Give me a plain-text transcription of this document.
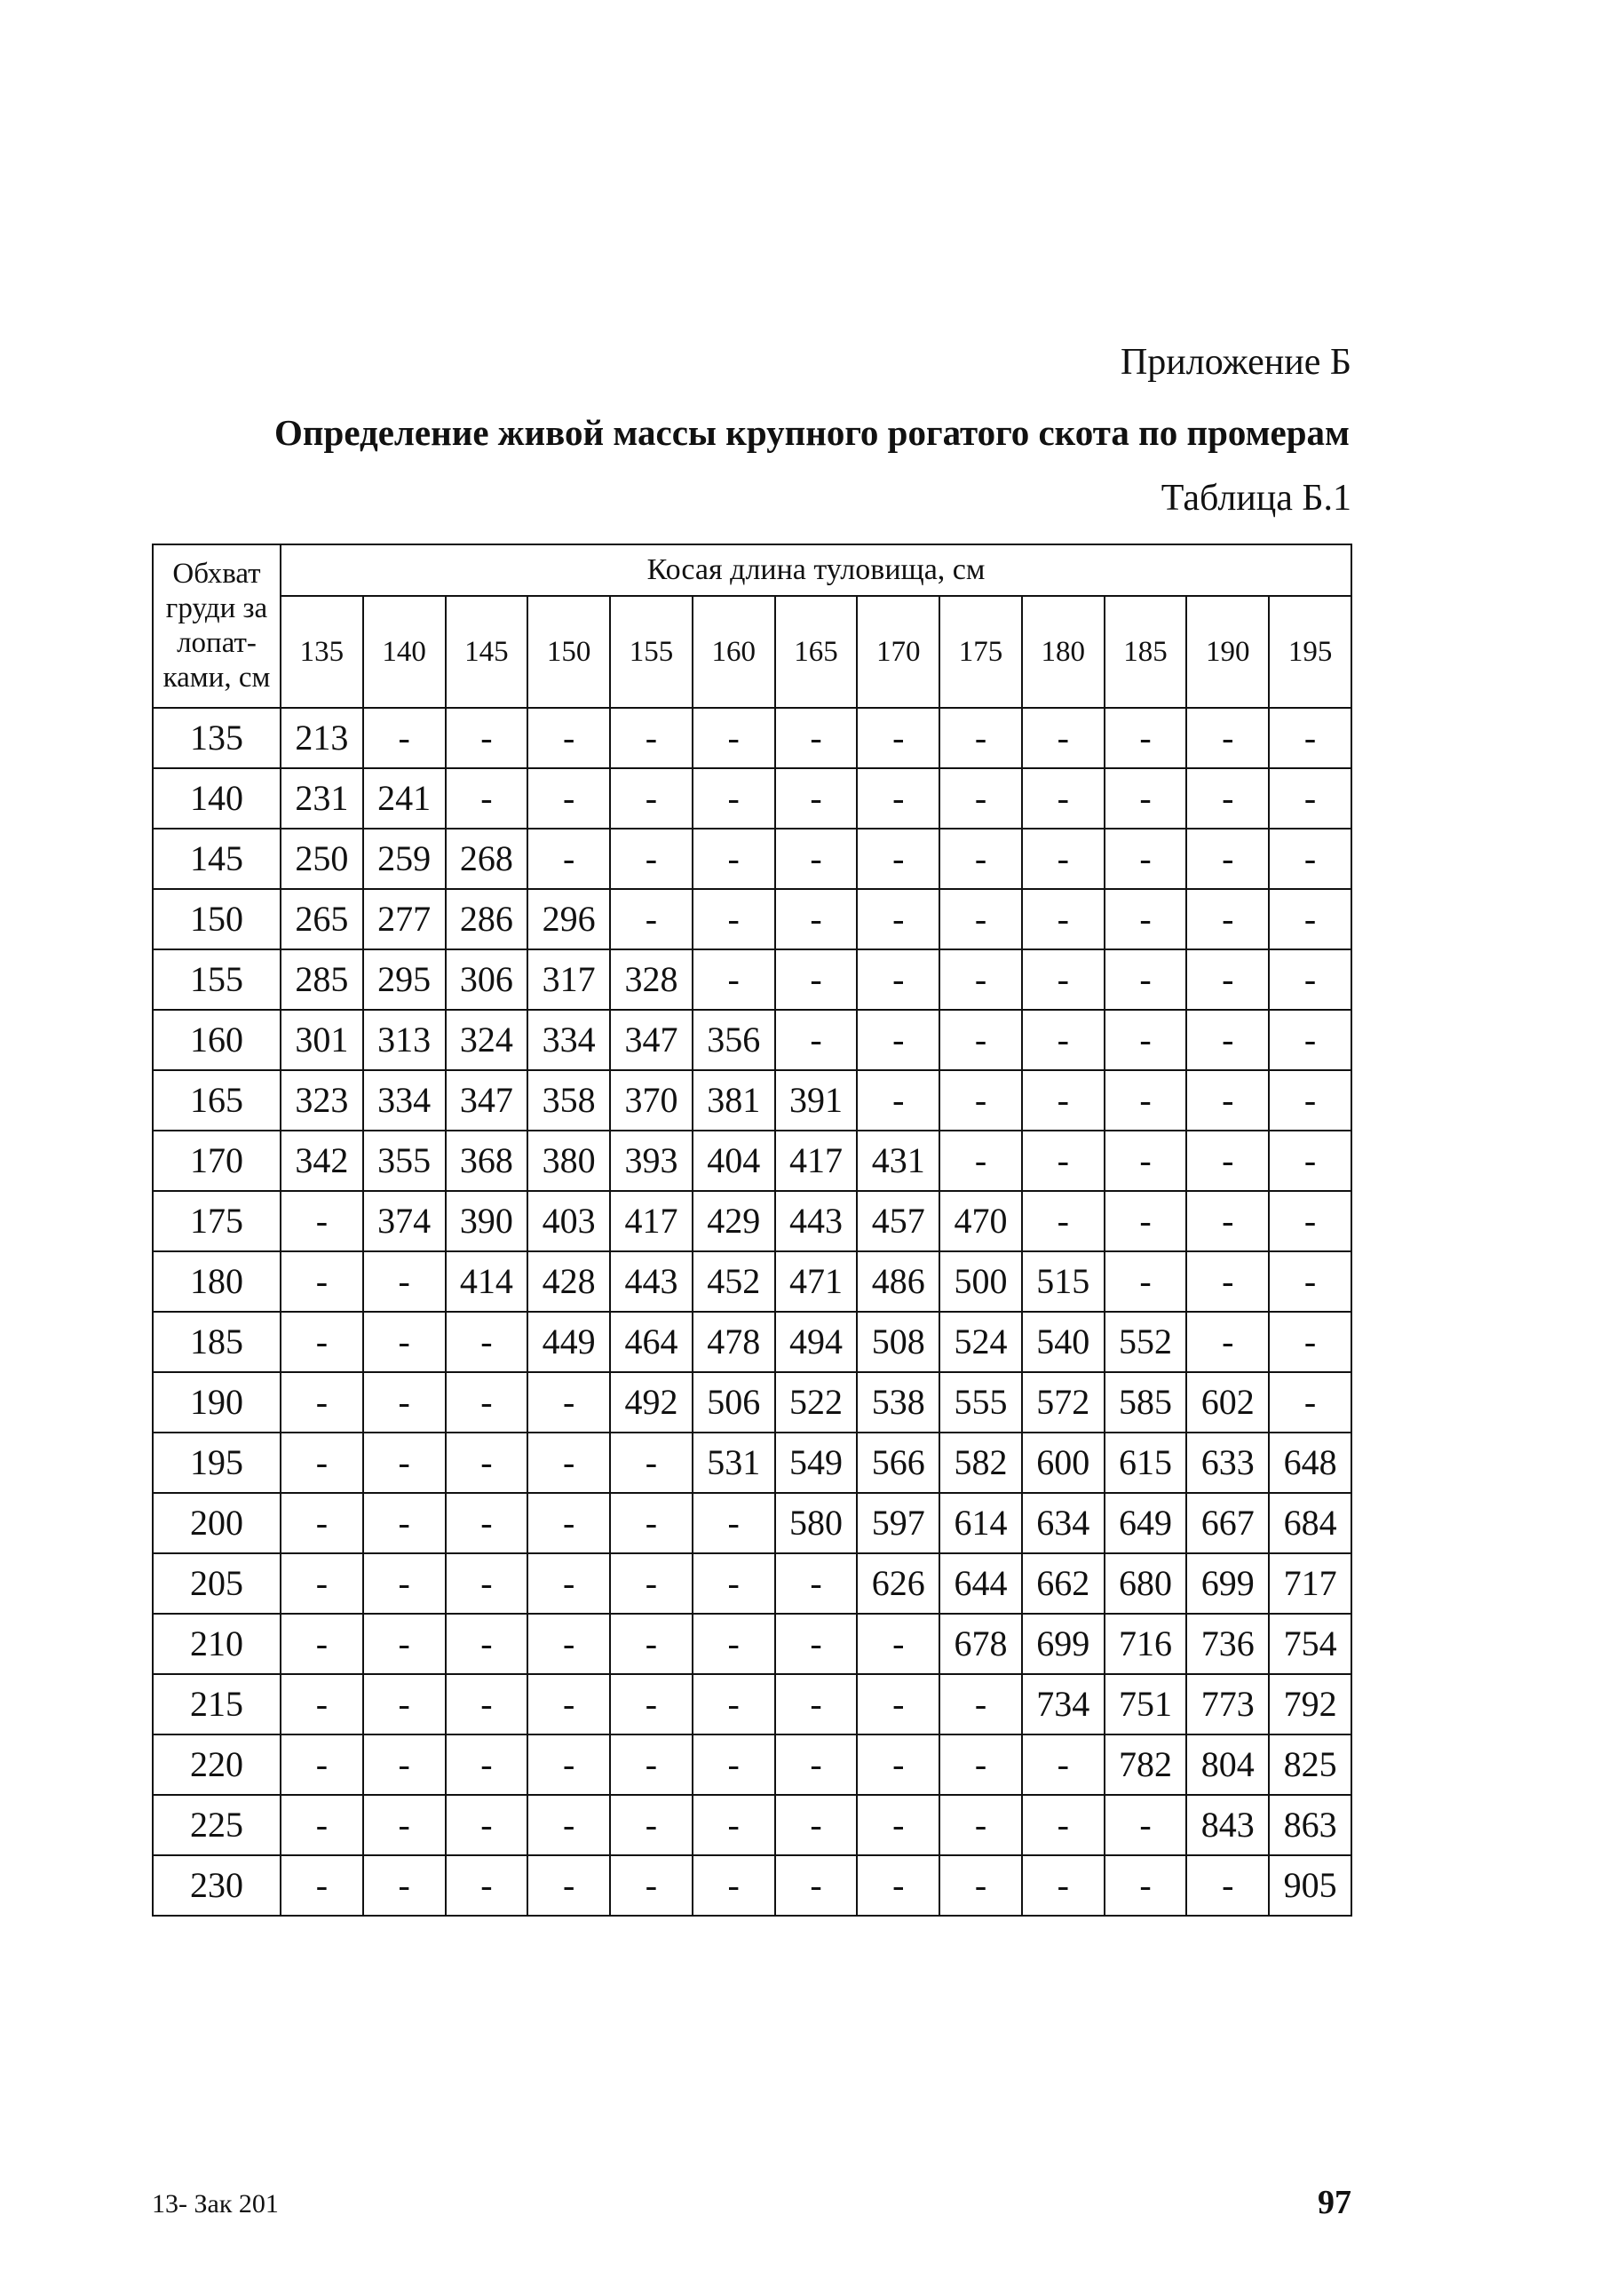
Приложение Б
Определение живой массы крупного рогатого скота по промерам
Таблица Б.1
Обхват груди за лопат-ками, см	Косая длина туловища, см												
	135	140	145	150	155	160	165	170	175	180	185	190	195
135	213	-	-	-	-	-	-	-	-	-	-	-	-
140	231	241	-	-	-	-	-	-	-	-	-	-	-
145	250	259	268	-	-	-	-	-	-	-	-	-	-
150	265	277	286	296	-	-	-	-	-	-	-	-	-
155	285	295	306	317	328	-	-	-	-	-	-	-	-
160	301	313	324	334	347	356	-	-	-	-	-	-	-
165	323	334	347	358	370	381	391	-	-	-	-	-	-
170	342	355	368	380	393	404	417	431	-	-	-	-	-
175	-	374	390	403	417	429	443	457	470	-	-	-	-
180	-	-	414	428	443	452	471	486	500	515	-	-	-
185	-	-	-	449	464	478	494	508	524	540	552	-	-
190	-	-	-	-	492	506	522	538	555	572	585	602	-
195	-	-	-	-	-	531	549	566	582	600	615	633	648
200	-	-	-	-	-	-	580	597	614	634	649	667	684
205	-	-	-	-	-	-	-	626	644	662	680	699	717
210	-	-	-	-	-	-	-	-	678	699	716	736	754
215	-	-	-	-	-	-	-	-	-	734	751	773	792
220	-	-	-	-	-	-	-	-	-	-	782	804	825
225	-	-	-	-	-	-	-	-	-	-	-	843	863
230	-	-	-	-	-	-	-	-	-	-	-	-	905
13- Зак 201	97
